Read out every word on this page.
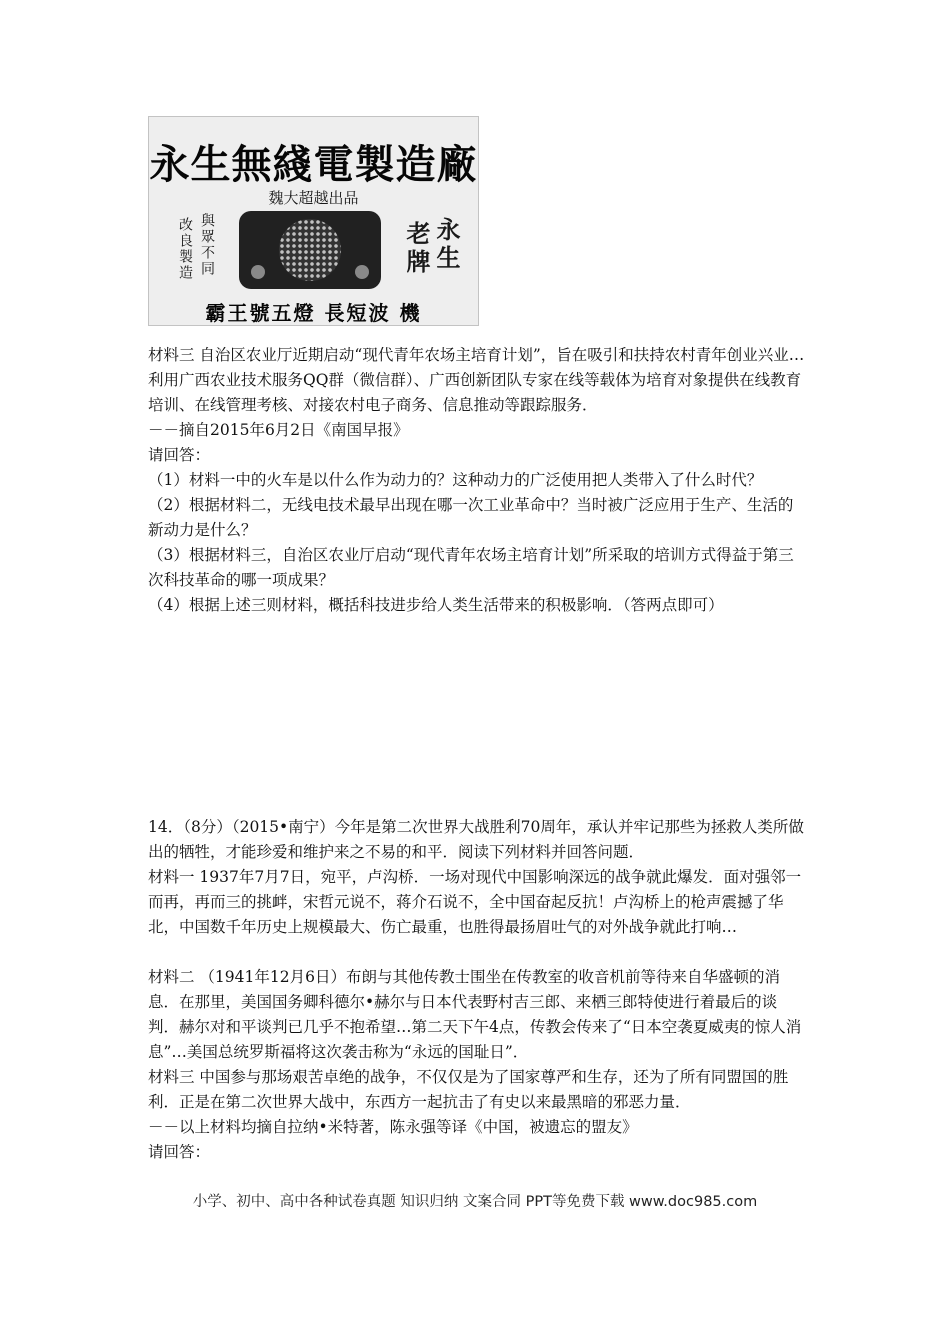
永生無綫電製造廠
魏大超越出品
改良製造 與眾不同	老牌 永生
霸王號五燈 長短波 機

材料三 自治区农业厅近期启动“现代青年农场主培育计划”，旨在吸引和扶持农村青年创业兴业…利用广西农业技术服务QQ群（微信群）、广西创新团队专家在线等载体为培育对象提供在线教育培训、在线管理考核、对接农村电子商务、信息推动等跟踪服务．

－－摘自2015年6月2日《南国早报》

请回答：

（1）材料一中的火车是以什么作为动力的？这种动力的广泛使用把人类带入了什么时代？

（2）根据材料二，无线电技术最早出现在哪一次工业革命中？当时被广泛应用于生产、生活的新动力是什么？

（3）根据材料三，自治区农业厅启动“现代青年农场主培育计划”所采取的培训方式得益于第三次科技革命的哪一项成果？

（4）根据上述三则材料，概括科技进步给人类生活带来的积极影响．（答两点即可）

14．（8分）（2015•南宁）今年是第二次世界大战胜利70周年，承认并牢记那些为拯救人类所做出的牺牲，才能珍爱和维护来之不易的和平．阅读下列材料并回答问题．

材料一 1937年7月7日，宛平，卢沟桥．一场对现代中国影响深远的战争就此爆发．面对强邻一而再，再而三的挑衅，宋哲元说不，蒋介石说不，全中国奋起反抗！卢沟桥上的枪声震撼了华北，中国数千年历史上规模最大、伤亡最重，也胜得最扬眉吐气的对外战争就此打响…

材料二 （1941年12月6日）布朗与其他传教士围坐在传教室的收音机前等待来自华盛顿的消息．在那里，美国国务卿科德尔•赫尔与日本代表野村吉三郎、来栖三郎特使进行着最后的谈判．赫尔对和平谈判已几乎不抱希望…第二天下午4点，传教会传来了“日本空袭夏威夷的惊人消息”…美国总统罗斯福将这次袭击称为“永远的国耻日”．

材料三 中国参与那场艰苦卓绝的战争，不仅仅是为了国家尊严和生存，还为了所有同盟国的胜利．正是在第二次世界大战中，东西方一起抗击了有史以来最黑暗的邪恶力量．

－－以上材料均摘自拉纳•米特著，陈永强等译《中国，被遗忘的盟友》

请回答：

小学、初中、高中各种试卷真题 知识归纳 文案合同 PPT等免费下载 www.doc985.com
